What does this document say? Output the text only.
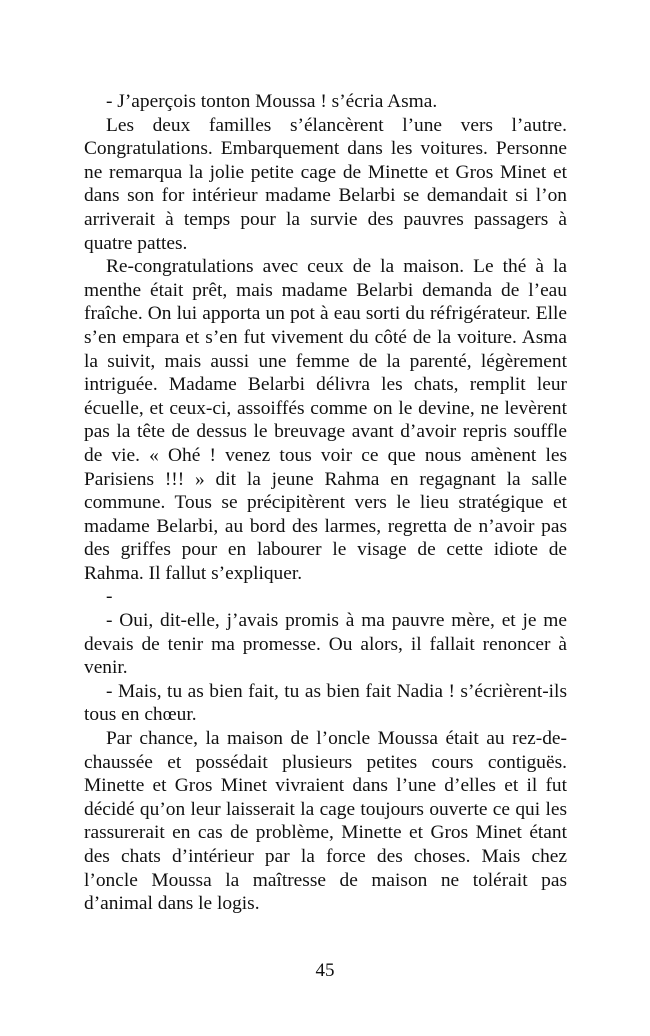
- J’aperçois tonton Moussa ! s’écria Asma.

Les deux familles s’élancèrent l’une vers l’autre. Congratulations. Embarquement dans les voitures. Personne ne remarqua la jolie petite cage de Minette et Gros Minet et dans son for intérieur madame Belarbi se demandait si l’on arriverait à temps pour la survie des pauvres passagers à quatre pattes.

Re-congratulations avec ceux de la maison. Le thé à la menthe était prêt, mais madame Belarbi demanda de l’eau fraîche. On lui apporta un pot à eau sorti du réfrigérateur. Elle s’en empara et s’en fut vivement du côté de la voiture. Asma la suivit, mais aussi une femme de la parenté, légèrement intriguée. Madame Belarbi délivra les chats, remplit leur écuelle, et ceux-ci, assoiffés comme on le devine, ne levèrent pas la tête de dessus le breuvage avant d’avoir repris souffle de vie. « Ohé ! venez tous voir ce que nous amènent les Parisiens !!! » dit la jeune Rahma en regagnant la salle commune. Tous se précipitèrent vers le lieu stratégique et madame Belarbi, au bord des larmes, regretta de n’avoir pas des griffes pour en labourer le visage de cette idiote de Rahma. Il fallut s’expliquer.

-

- Oui, dit-elle, j’avais promis à ma pauvre mère, et je me devais de tenir ma promesse. Ou alors, il fallait renoncer à venir.

- Mais, tu as bien fait, tu as bien fait Nadia ! s’écrièrent-ils tous en chœur.

Par chance, la maison de l’oncle Moussa était au rez-de-chaussée et possédait plusieurs petites cours contiguës. Minette et Gros Minet vivraient dans l’une d’elles et il fut décidé qu’on leur laisserait la cage toujours ouverte ce qui les rassurerait en cas de problème, Minette et Gros Minet étant des chats d’intérieur par la force des choses. Mais chez l’oncle Moussa la maîtresse de maison ne tolérait pas d’animal dans le logis.

45
